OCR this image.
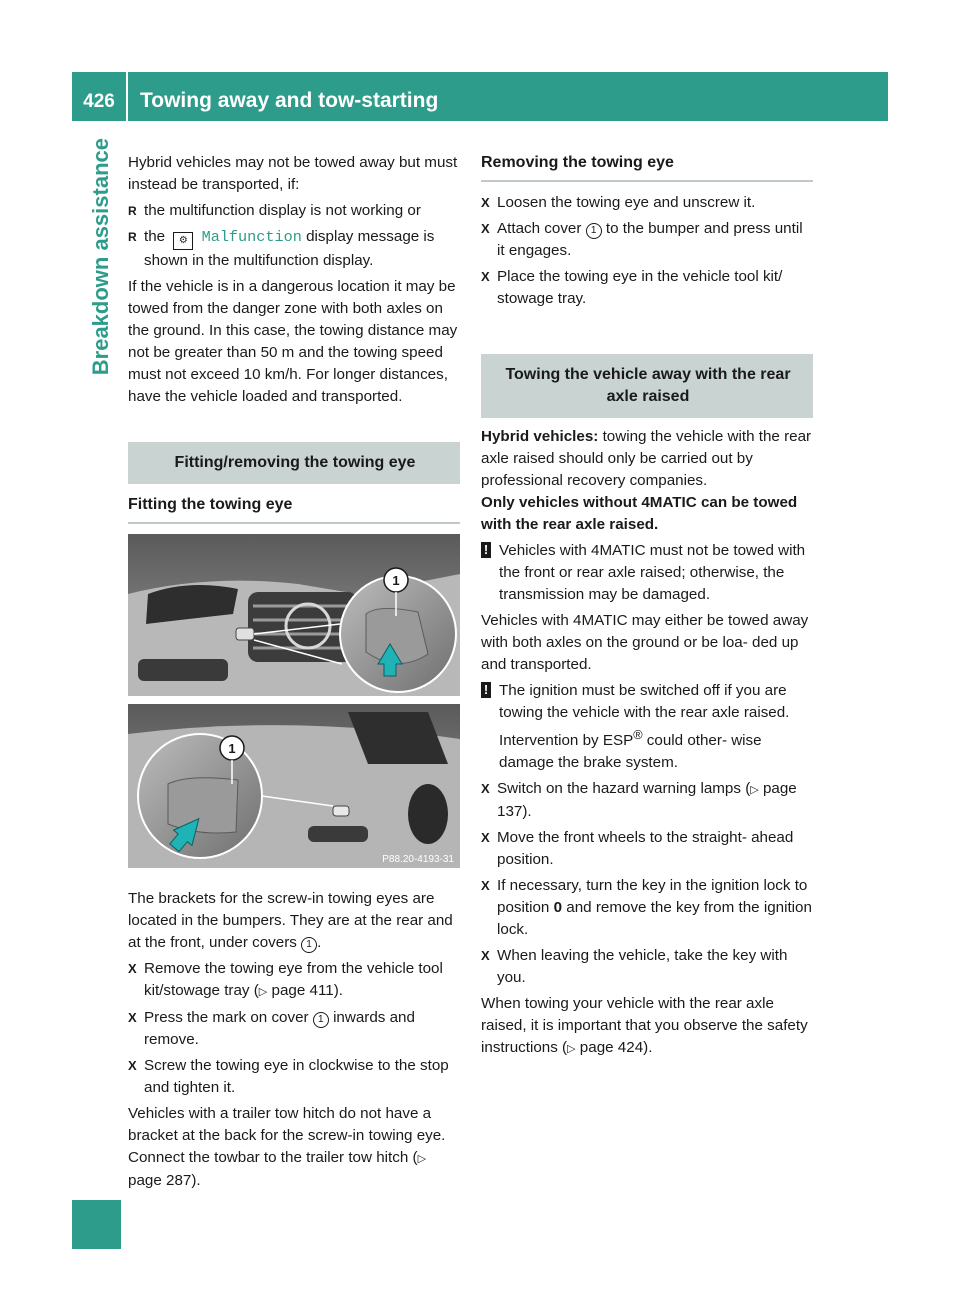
426	Towing away and tow-starting
Breakdown assistance Hybrid vehicles may not be towed away but must instead be transported, if:

R the multifunction display is not working or
R the ⚙ Malfunction display message is shown in the multifunction display.

If the vehicle is in a dangerous location it may be towed from the danger zone with both axles on the ground. In this case, the towing distance may not be greater than 50 m and the towing speed must not exceed 10 km/h. For longer distances, have the vehicle loaded and transported.

Fitting/removing the towing eye
Fitting the towing eye
1
1
P88.20-4193-31

The brackets for the screw-in towing eyes are located in the bumpers. They are at the rear and at the front, under covers 1 .

X Remove the towing eye from the vehicle tool kit/stowage tray (▷ page 411).
X Press the mark on cover 1 inwards and remove.
X Screw the towing eye in clockwise to the stop and tighten it.

Vehicles with a trailer tow hitch do not have a bracket at the back for the screw-in towing eye. Connect the towbar to the trailer tow hitch (▷ page 287).

Removing the towing eye
X Loosen the towing eye and unscrew it.
X Attach cover 1 to the bumper and press until it engages.
X Place the towing eye in the vehicle tool kit/ stowage tray.
Towing the vehicle away with the rear axle raised

Hybrid vehicles: towing the vehicle with the rear axle raised should only be carried out by professional recovery companies.

Only vehicles without 4MATIC can be towed with the rear axle raised.

! Vehicles with 4MATIC must not be towed with the front or rear axle raised; otherwise, the transmission may be damaged.

Vehicles with 4MATIC may either be towed away with both axles on the ground or be loa- ded up and transported.

! The ignition must be switched off if you are towing the vehicle with the rear axle raised. Intervention by ESP® could other- wise damage the brake system.
X Switch on the hazard warning lamps (▷ page 137).
X Move the front wheels to the straight- ahead position.
X If necessary, turn the key in the ignition lock to position 0 and remove the key from the ignition lock.
X When leaving the vehicle, take the key with you.

When towing your vehicle with the rear axle raised, it is important that you observe the safety instructions (▷ page 424).
